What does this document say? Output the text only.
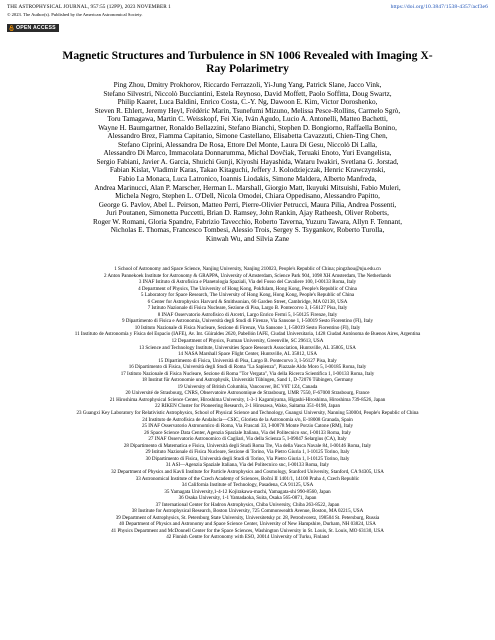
THE ASTROPHYSICAL JOURNAL, 957:55 (12PP), 2023 NOVEMBER 1	https://doi.org/10.3847/1538-4357/acf3e6
© 2023. The Author(s). Published by the American Astronomical Society.
OPEN ACCESS
Magnetic Structures and Turbulence in SN 1006 Revealed with Imaging X-Ray Polarimetry
Ping Zhou, Dmitry Prokhorov, Riccardo Ferrazzoli, Yi-Jung Yang, Patrick Slane, Jacco Vink,
Stefano Silvestri, Niccolò Bucciantini, Estela Reynoso, David Moffett, Paolo Soffitta, Doug Swartz,
Philip Kaaret, Luca Baldini, Enrico Costa, C.-Y. Ng, Dawoon E. Kim, Victor Doroshenko,
Steven R. Ehlert, Jeremy Heyl, Frédéric Marin, Tsunefumi Mizuno, Melissa Pesce-Rollins, Carmelo Sgrò,
Toru Tamagawa, Martin C. Weisskopf, Fei Xie, Iván Agudo, Lucio A. Antonelli, Matteo Bachetti,
Wayne H. Baumgartner, Ronaldo Bellazzini, Stefano Bianchi, Stephen D. Bongiorno, Raffaella Bonino,
Alessandro Brez, Fiamma Capitanio, Simone Castellano, Elisabetta Cavazzuti, Chien-Ting Chen,
Stefano Ciprini, Alessandra De Rosa, Ettore Del Monte, Laura Di Gesu, Niccolò Di Lalla,
Alessandro Di Marco, Immacolata Donnarumma, Michal Dovčiak, Teruaki Enoto, Yuri Evangelista,
Sergio Fabiani, Javier A. Garcia, Shuichi Gunji, Kiyoshi Hayashida, Wataru Iwakiri, Svetlana G. Jorstad,
Fabian Kislat, Vladimir Karas, Takao Kitaguchi, Jeffery J. Kolodziejczak, Henric Krawczynski,
Fabio La Monaca, Luca Latronico, Ioannis Liodakis, Simone Maldera, Alberto Manfreda,
Andrea Marinucci, Alan P. Marscher, Herman L. Marshall, Giorgio Matt, Ikuyuki Mitsuishi, Fabio Muleri,
Michela Negro, Stephen L. O'Dell, Nicola Omodei, Chiara Oppedisano, Alessandro Papitto,
George G. Pavlov, Abel L. Peirson, Matteo Perri, Pierre-Olivier Petrucci, Maura Pilia, Andrea Possenti,
Juri Poutanen, Simonetta Puccetti, Brian D. Ramsey, John Rankin, Ajay Ratheesh, Oliver Roberts,
Roger W. Romani, Gloria Spandre, Fabrizio Tavecchio, Roberto Taverna, Yuzuru Tawara, Allyn F. Tennant,
Nicholas E. Thomas, Francesco Tombesi, Alessio Trois, Sergey S. Tsygankov, Roberto Turolla,
Kinwah Wu, and Silvia Zane
1 School of Astronomy and Space Science, Nanjing University, Nanjing 210023, People's Republic of China; pingzhou@nju.edu.cn
2 Anton Pannekoek Institute for Astronomy & GRAPPA, University of Amsterdam, Science Park 904, 1098 XH Amsterdam, The Netherlands
3 INAF Istituto di Astrofisica e Planetologia Spaziali, Via del Fosso del Cavaliere 100, I-00133 Roma, Italy
4 Department of Physics, The University of Hong Kong, Pokfulam, Hong Kong, People's Republic of China
5 Laboratory for Space Research, The University of Hong Kong, Hong Kong, People's Republic of China
6 Center for Astrophysics Harvard & Smithsonian, 60 Garden Street, Cambridge, MA 02138, USA
7 Istituto Nazionale di Fisica Nucleare, Sezione di Pisa, Largo B. Pontecorvo 3, I-56127 Pisa, Italy
8 INAF Osservatorio Astrofisico di Arcetri, Largo Enrico Fermi 5, I-50125 Firenze, Italy
9 Dipartimento di Fisica e Astronomia, Università degli Studi di Firenze, Via Sansone 1, I-50019 Sesto Fiorentino (FI), Italy
10 Istituto Nazionale di Fisica Nucleare, Sezione di Firenze, Via Sansone 1, I-50019 Sesto Fiorentino (FI), Italy
11 Instituto de Astronomía y Física del Espacio (IAFE), Av. Int. Güiraldes 2620, Pabellón IAFE, Ciudad Universitaria, 1428 Ciudad Autónoma de Buenos Aires, Argentina
12 Department of Physics, Furman University, Greenville, SC 29613, USA
13 Science and Technology Institute, Universities Space Research Association, Huntsville, AL 35805, USA
14 NASA Marshall Space Flight Center, Huntsville, AL 35812, USA
15 Dipartimento di Fisica, Università di Pisa, Largo B. Pontecorvo 3, I-56127 Pisa, Italy
16 Dipartimento di Fisica, Università degli Studi di Roma "La Sapienza", Piazzale Aldo Moro 5, I-00185 Roma, Italy
17 Istituto Nazionale di Fisica Nucleare, Sezione di Roma "Tor Vergata", Via della Ricerca Scientifica 1, I-00133 Roma, Italy
18 Institut für Astronomie und Astrophysik, Universität Tübingen, Sand 1, D-72076 Tübingen, Germany
19 University of British Columbia, Vancouver, BC V6T 1Z4, Canada
20 Université de Strasbourg, CNRS, Observatoire Astronomique de Strasbourg, UMR 7550, F-67000 Strasbourg, France
21 Hiroshima Astrophysical Science Center, Hiroshima University, 1-3-1 Kagamiyama, Higashi-Hiroshima, Hiroshima 739-8526, Japan
22 RIKEN Cluster for Pioneering Research, 2-1 Hirosawa, Wako, Saitama 351-0198, Japan
23 Guangxi Key Laboratory for Relativistic Astrophysics, School of Physical Science and Technology, Guangxi University, Nanning 530004, People's Republic of China
24 Instituto de Astrofísica de Andalucía—CSIC, Glorieta de la Astronomía s/n, E-18008 Granada, Spain
25 INAF Osservatorio Astronomico di Roma, Via Frascati 33, I-00078 Monte Porzio Catone (RM), Italy
26 Space Science Data Center, Agenzia Spaziale Italiana, Via del Politecnico snc, I-00133 Roma, Italy
27 INAF Osservatorio Astronomico di Cagliari, Via della Scienza 5, I-09047 Selargius (CA), Italy
28 Dipartimento di Matematica e Fisica, Università degli Studi Roma Tre, Via della Vasca Navale 84, I-00146 Roma, Italy
29 Istituto Nazionale di Fisica Nucleare, Sezione di Torino, Via Pietro Giuria 1, I-10125 Torino, Italy
30 Dipartimento di Fisica, Università degli Studi di Torino, Via Pietro Giuria 1, I-10125 Torino, Italy
31 ASI—Agenzia Spaziale Italiana, Via del Politecnico snc, I-00133 Roma, Italy
32 Department of Physics and Kavli Institute for Particle Astrophysics and Cosmology, Stanford University, Stanford, CA 94305, USA
33 Astronomical Institute of the Czech Academy of Sciences, Boční II 1401/1, 14100 Praha 4, Czech Republic
34 California Institute of Technology, Pasadena, CA 91125, USA
35 Yamagata University,1-4-12 Kojirakawa-machi, Yamagata-shi 990-8560, Japan
36 Osaka University, 1-1 Yamadaoka, Suita, Osaka 565-0871, Japan
37 International Center for Hadron Astrophysics, Chiba University, Chiba 263-8522, Japan
38 Institute for Astrophysical Research, Boston University, 725 Commonwealth Avenue, Boston, MA 02215, USA
39 Department of Astrophysics, St. Petersburg State University, Universitetsky pr. 28, Petrodvoretz, 198504 St. Petersburg, Russia
40 Department of Physics and Astronomy and Space Science Center, University of New Hampshire, Durham, NH 03824, USA
41 Physics Department and McDonnell Center for the Space Sciences, Washington University in St. Louis, St. Louis, MO 63130, USA
42 Finnish Centre for Astronomy with ESO, 20014 University of Turku, Finland
